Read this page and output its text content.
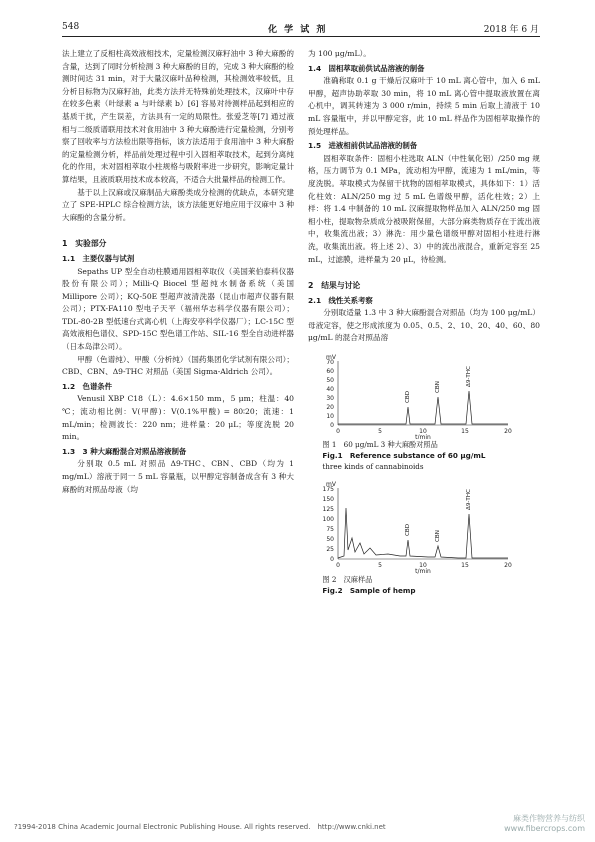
548	化 学 试 剂	2018 年 6 月

法上建立了反相柱高效液相技术，定量检测汉麻籽油中 3 种大麻酚的含量，达到了同时分析检测 3 种大麻酚的目的，完成 3 种大麻酚的检测时间达 31 min，对于大量汉麻叶品种检测，其检测效率较低，且分析目标物为汉麻籽油，此类方法并无特殊前处理技术，汉麻叶中存在较多色素（叶绿素 a 与叶绿素 b）[6] 容易对待测样品起到相应的基质干扰，产生误差，方法具有一定的局限性。张爱芝等[7] 通过液相与二级质谱联用技术对食用油中 3 种大麻酚进行定量检测，分别考察了回收率与方法检出限等指标，该方法适用于食用油中 3 种大麻酚的定量检测分析，样品前处理过程中引入固相萃取技术，起到分离纯化的作用，未对固相萃取小柱规格与吸附率进一步研究，影响定量计算结果，且液质联用技术成本较高，不适合大批量样品的检测工作。

基于以上汉麻或汉麻制品大麻酚类成分检测的优缺点，本研究建立了 SPE-HPLC 综合检测方法，该方法能更好地应用于汉麻中 3 种大麻酚的含量分析。

1　实验部分
1.1　主要仪器与试剂

Sepaths UP 型全自动柱膜通用固相萃取仪（美国莱伯泰科仪器股份有限公司）；Milli-Q Biocel 型超纯水制备系统（美国 Millipore 公司）；KQ-50E 型超声波清洗器（昆山市超声仪器有限公司）；PTX-FA110 型电子天平（福州华志科学仪器有限公司）；TDL-80-2B 型低速台式离心机（上海安亭科学仪器厂）；LC-15C 型高效液相色谱仪、SPD-15C 型色谱工作站、SIL-16 型全自动进样器（日本岛津公司）。

甲醇（色谱纯）、甲酸（分析纯）（国药集团化学试剂有限公司）；CBD、CBN、Δ9-THC 对照品（美国 Sigma-Aldrich 公司）。

1.2　色谱条件

Venusil XBP C18（L）：4.6×150 mm，5 μm；柱温：40 ℃；流动相比例：V(甲醇)：V(0.1%甲酸) = 80∶20；流速：1 mL/min；检测波长：220 nm；进样量：20 μL；等度洗脱 20 min。

1.3　3 种大麻酚混合对照品溶液制备

分别取 0.5 mL 对照品 Δ9-THC、CBN、CBD（均为 1 mg/mL）溶液于同一 5 mL 容量瓶，以甲醇定容制备成含有 3 种大麻酚的对照品母液（均

为 100 μg/mL）。

1.4　固相萃取前供试品溶液的制备

准确称取 0.1 g 干燥后汉麻叶于 10 mL 离心管中，加入 6 mL 甲醇，超声协助萃取 30 min，将 10 mL 离心管中提取液放置在离心机中，调其转速为 3 000 r/min，持续 5 min 后取上清液于 10 mL 容量瓶中，并以甲醇定容，此 10 mL 样品作为固相萃取操作的预处理样品。

1.5　进液相前供试品溶液的制备

固相萃取条件：固相小柱选取 ALN（中性氧化铝）/250 mg 规格，压力调节为 0.1 MPa，流动相为甲醇，流速为 1 mL/min，等度洗脱。萃取模式为保留干扰物的固相萃取模式，具体如下：1）活化柱效：ALN/250 mg 过 5 mL 色谱级甲醇，活化柱效；2）上样：将 1.4 中制备的 10 mL 汉麻提取物样品加入 ALN/250 mg 固相小柱，提取物杂质成分被吸附保留，大部分麻类物质存在于流出液中，收集流出液；3）淋洗：用少量色谱级甲醇对固相小柱进行淋洗，收集流出液。将上述 2）、3）中的流出液混合，重新定容至 25 mL，过滤膜，进样量为 20 μL，待检测。

2　结果与讨论
2.1　线性关系考察

分别取适量 1.3 中 3 种大麻酚混合对照品（均为 100 μg/mL）母液定容，使之形成浓度为 0.05、0.5、2、10、20、40、60、80 μg/mL 的混合对照品溶

mV
70
60
50
40
30
20
10
0
CBD
CBN
Δ9-THC
0	5	10	15	20
t/min

图 1　60 μg/mL 3 种大麻酚对照品

Fig.1　Reference substance of 60 μg/mL

three kinds of cannabinoids

mV
175
150
125
100
75
50
25
0
CBD
CBN
Δ9-THC
0	5	10	15	20
t/min

图 2　汉麻样品

Fig.2　Sample of hemp

?1994-2018 China Academic Journal Electronic Publishing House. All rights reserved.　http://www.cnki.net
麻类作物营养与纺织
www.fibercrops.com
